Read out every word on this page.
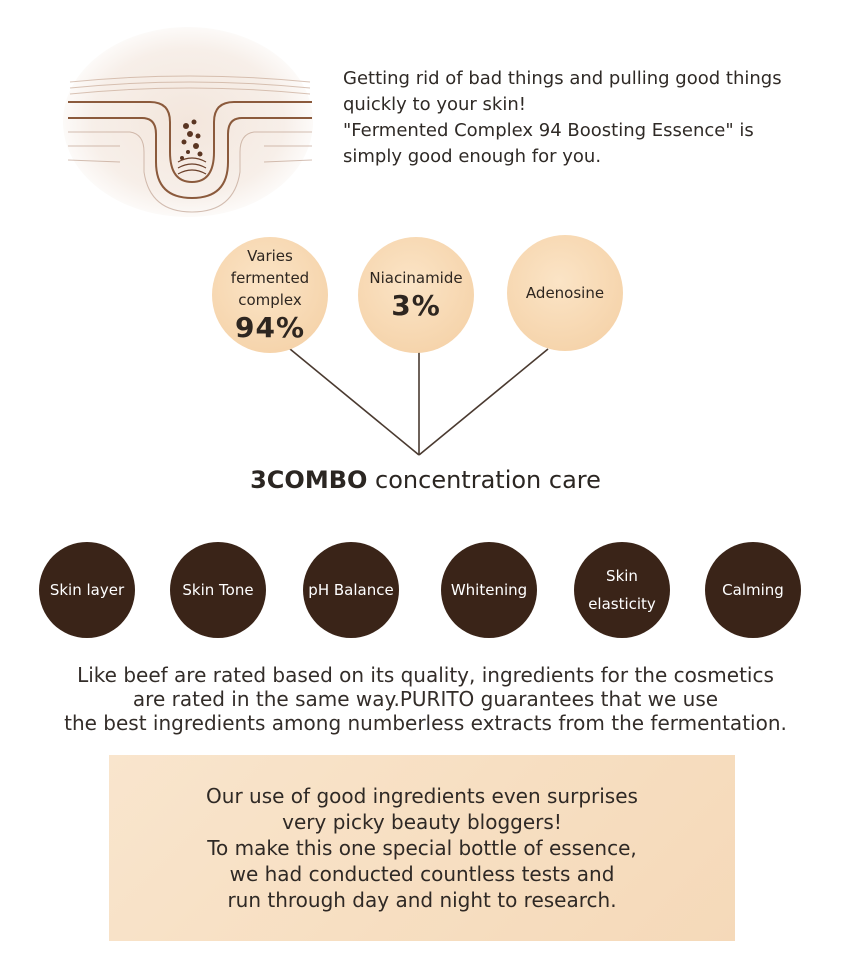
Getting rid of bad things and pulling good things
quickly to your skin!
"Fermented Complex 94 Boosting Essence" is
simply good enough for you.
Varies
fermented
complex
94%
Niacinamide
3%	Adenosine
3COMBO concentration care
Skin layer	Skin Tone	pH Balance	Whitening
Skin
elasticity
Calming
Like beef are rated based on its quality, ingredients for the cosmetics
are rated in the same way.PURITO guarantees that we use
the best ingredients among numberless extracts from the fermentation.
Our use of good ingredients even surprises
very picky beauty bloggers!
To make this one special bottle of essence,
we had conducted countless tests and
run through day and night to research.
